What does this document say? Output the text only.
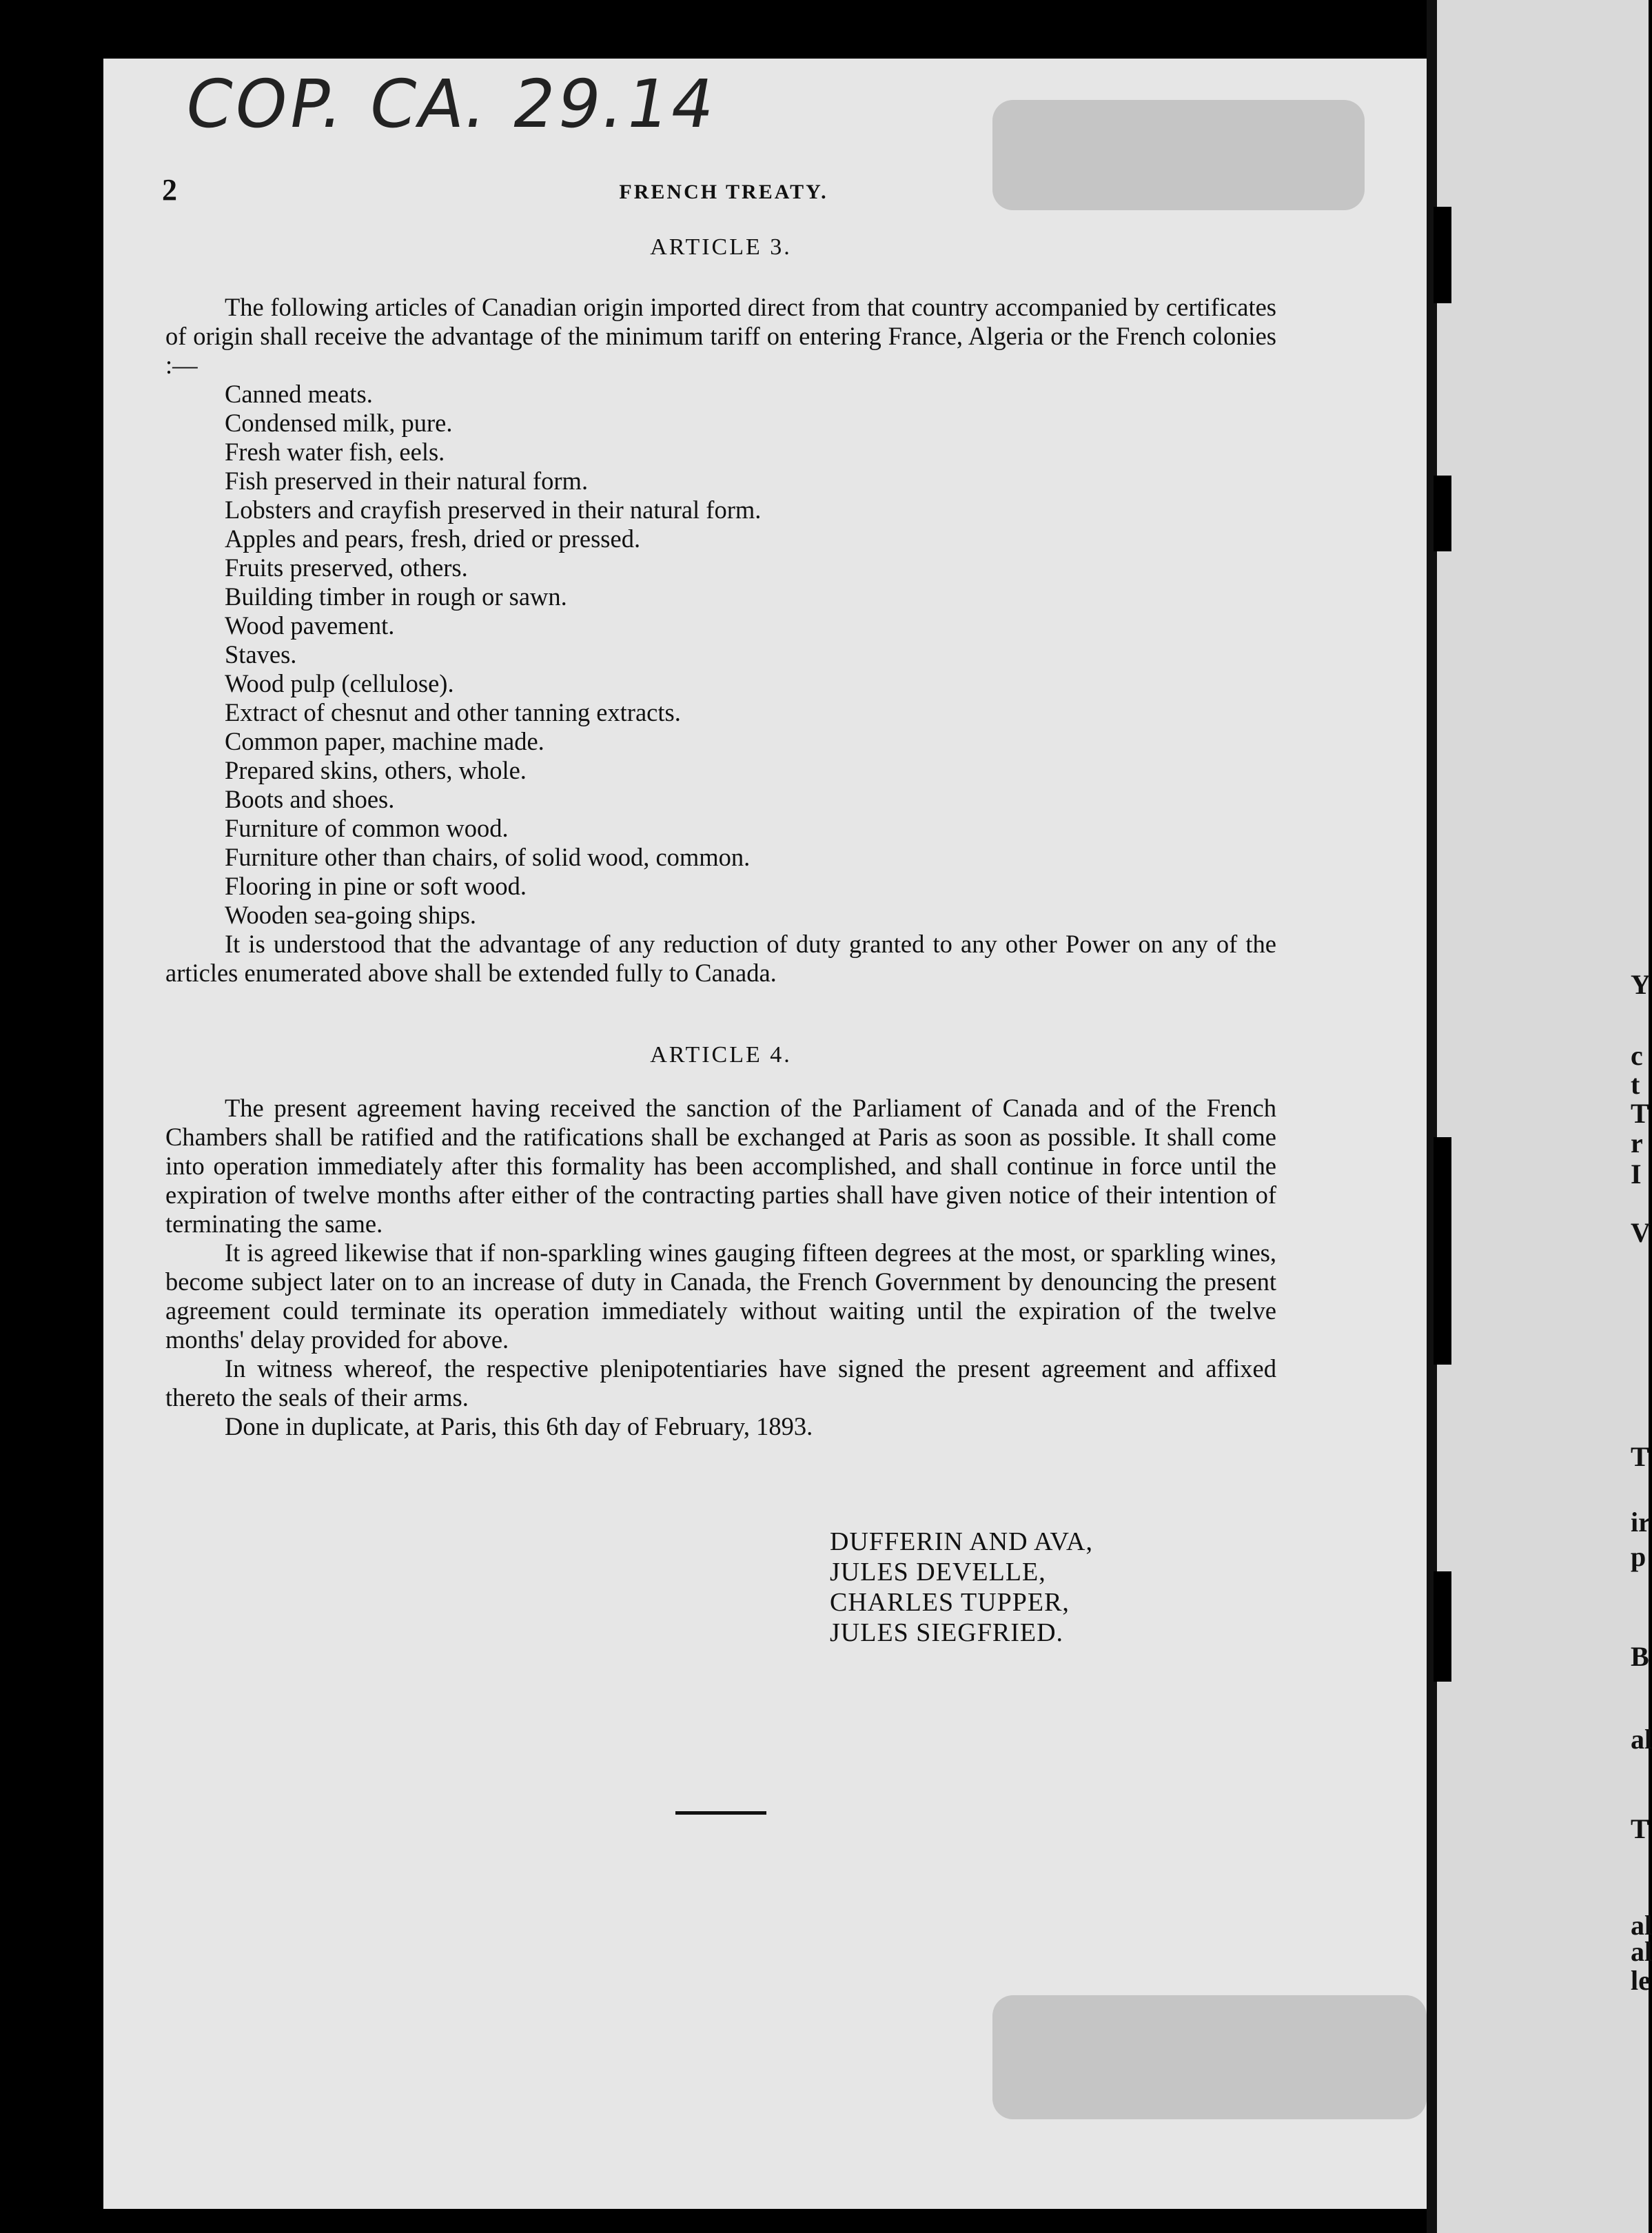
COP. CA. 29.14
2	FRENCH TREATY.
ARTICLE 3.

The following articles of Canadian origin imported direct from that country accompanied by certificates of origin shall receive the advantage of the minimum tariff on entering France, Algeria or the French colonies :—

Canned meats.
Condensed milk, pure.
Fresh water fish, eels.
Fish preserved in their natural form.
Lobsters and crayfish preserved in their natural form.
Apples and pears, fresh, dried or pressed.
Fruits preserved, others.
Building timber in rough or sawn.
Wood pavement.
Staves.
Wood pulp (cellulose).
Extract of chesnut and other tanning extracts.
Common paper, machine made.
Prepared skins, others, whole.
Boots and shoes.
Furniture of common wood.
Furniture other than chairs, of solid wood, common.
Flooring in pine or soft wood.
Wooden sea-going ships.

It is understood that the advantage of any reduction of duty granted to any other Power on any of the articles enumerated above shall be extended fully to Canada.

ARTICLE 4.

The present agreement having received the sanction of the Parliament of Canada and of the French Chambers shall be ratified and the ratifications shall be exchanged at Paris as soon as possible. It shall come into operation immediately after this formality has been accomplished, and shall continue in force until the expiration of twelve months after either of the contracting parties shall have given notice of their intention of terminating the same.

It is agreed likewise that if non-sparkling wines gauging fifteen degrees at the most, or sparkling wines, become subject later on to an increase of duty in Canada, the French Government by denouncing the present agreement could terminate its operation immediately without waiting until the expiration of the twelve months' delay provided for above.

In witness whereof, the respective plenipotentiaries have signed the present agreement and affixed thereto the seals of their arms.

Done in duplicate, at Paris, this 6th day of February, 1893.

DUFFERIN AND AVA,
JULES DEVELLE,
CHARLES TUPPER,
JULES SIEGFRIED.
Y
c
t
T
r
I
V
T
ir
p
B
al
T
al
al
le
